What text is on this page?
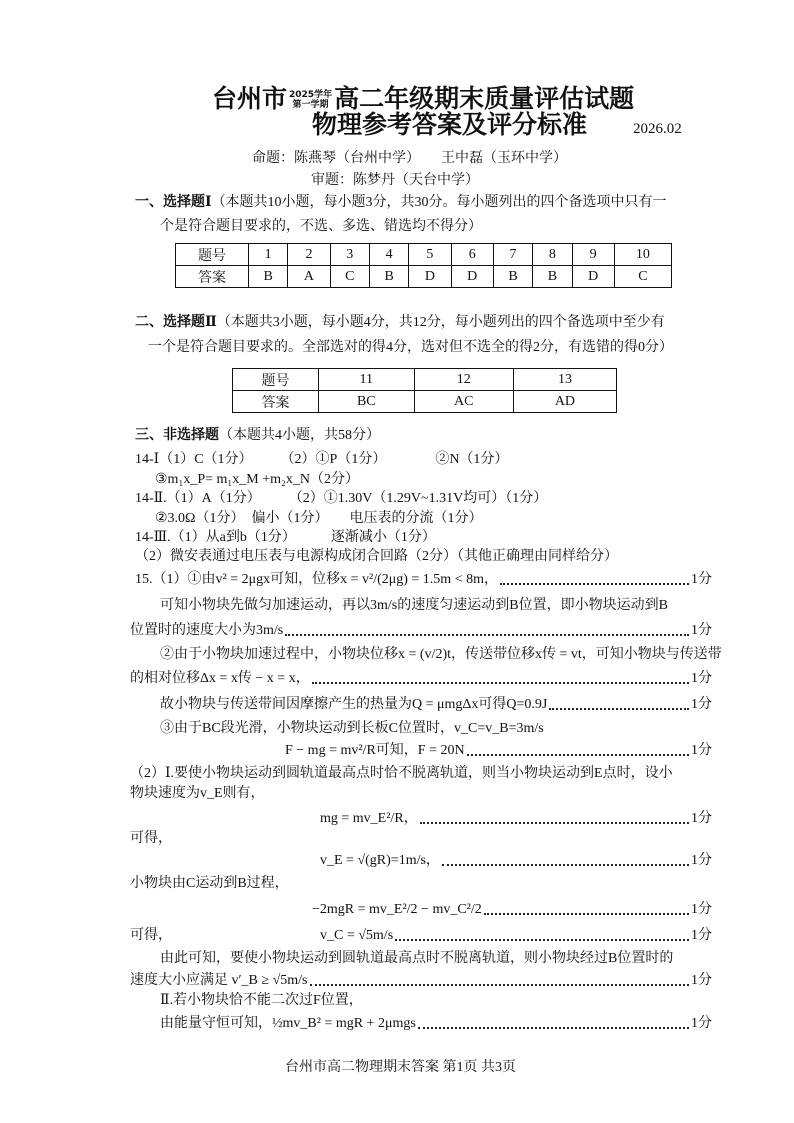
台州市 2025学年
第一学期 高二年级期末质量评估试题
物理参考答案及评分标准	2026.02
命题：陈燕琴（台州中学）　　王中磊（玉环中学）
审题：陈梦丹（天台中学）
一、选择题Ⅰ（本题共10小题，每小题3分，共30分。每小题列出的四个备选项中只有一
个是符合题目要求的，不选、多选、错选均不得分）
题号	1	2	3	4	5	6	7	8	9	10
答案	B	A	C	B	D	D	B	B	D	C
二、选择题Ⅱ（本题共3小题，每小题4分，共12分，每小题列出的四个备选项中至少有
一个是符合题目要求的。全部选对的得4分，选对但不选全的得2分，有选错的得0分）
题号	11	12	13
答案	BC	AC	AD
三、非选择题（本题共4小题，共58分）
14-Ⅰ（1）C（1分）　　　（2）①P（1分）　　　　②N（1分）
③m₁x_P= m₁x_M +m₂x_N（2分）
14-Ⅱ.（1）A（1分）　　　（2）①1.30V（1.29V~1.31V均可）（1分）
②3.0Ω（1分）　偏小（1分）　　电压表的分流（1分）
14-Ⅲ.（1）从a到b（1分）　　　逐渐减小（1分）
（2）微安表通过电压表与电源构成闭合回路（2分）（其他正确理由同样给分）
15.（1）①由v² = 2μgx可知，位移x = v²/(2μg) = 1.5m < 8m，	1分
可知小物块先做匀加速运动，再以3m/s的速度匀速运动到B位置，即小物块运动到B
位置时的速度大小为3m/s	1分
②由于小物块加速过程中，小物块位移x = (v/2)t，传送带位移x传 = vt，可知小物块与传送带
的相对位移Δx = x传 − x = x，	1分
故小物块与传送带间因摩擦产生的热量为Q = μmgΔx可得Q=0.9J	1分
③由于BC段光滑，小物块运动到长板C位置时，v_C=v_B=3m/s
F − mg = mv²/R可知，F = 20N	1分
（2）Ⅰ.要使小物块运动到圆轨道最高点时恰不脱离轨道，则当小物块运动到E点时，设小
物块速度为v_E则有，
mg = mv_E²/R，	1分
可得，
v_E = √(gR)=1m/s，	1分
小物块由C运动到B过程，
−2mgR = mv_E²/2 − mv_C²/2	1分
可得，	v_C = √5m/s	1分
由此可知，要使小物块运动到圆轨道最高点时不脱离轨道，则小物块经过B位置时的
速度大小应满足 v′_B ≥ √5m/s	1分
Ⅱ.若小物块恰不能二次过F位置，
由能量守恒可知，½mv_B² = mgR + 2μmgs	1分
台州市高二物理期末答案 第1页 共3页
